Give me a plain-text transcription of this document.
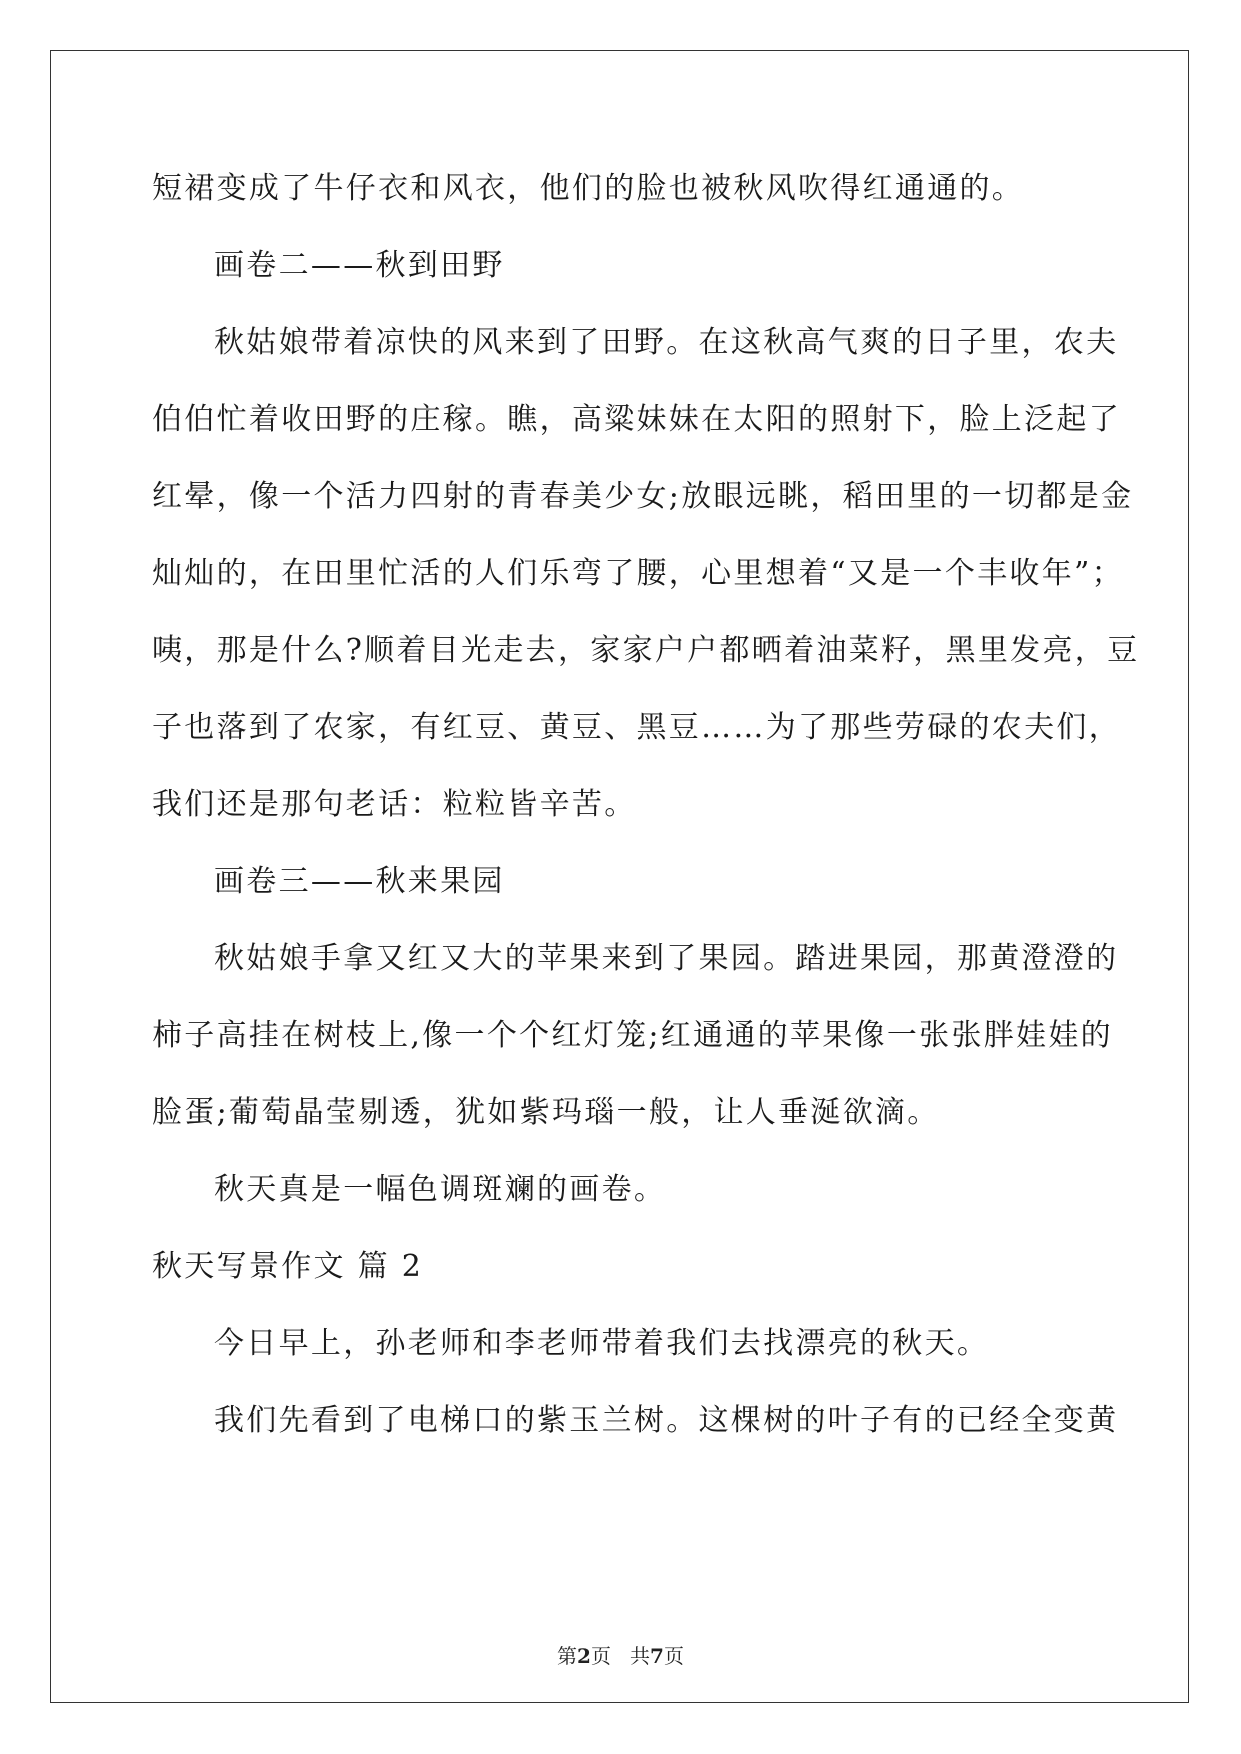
短裙变成了牛仔衣和风衣，他们的脸也被秋风吹得红通通的。
画卷二——秋到田野
秋姑娘带着凉快的风来到了田野。在这秋高气爽的日子里，农夫
伯伯忙着收田野的庄稼。瞧，高粱妹妹在太阳的照射下，脸上泛起了
红晕，像一个活力四射的青春美少女;放眼远眺，稻田里的一切都是金
灿灿的，在田里忙活的人们乐弯了腰，心里想着“又是一个丰收年”；
咦，那是什么?顺着目光走去，家家户户都晒着油菜籽，黑里发亮，豆
子也落到了农家，有红豆、黄豆、黑豆……为了那些劳碌的农夫们，
我们还是那句老话：粒粒皆辛苦。
画卷三——秋来果园
秋姑娘手拿又红又大的苹果来到了果园。踏进果园，那黄澄澄的
柿子高挂在树枝上,像一个个红灯笼;红通通的苹果像一张张胖娃娃的
脸蛋;葡萄晶莹剔透，犹如紫玛瑙一般，让人垂涎欲滴。
秋天真是一幅色调斑斓的画卷。
秋天写景作文 篇 2
今日早上，孙老师和李老师带着我们去找漂亮的秋天。
我们先看到了电梯口的紫玉兰树。这棵树的叶子有的已经全变黄
第2页   共7页
